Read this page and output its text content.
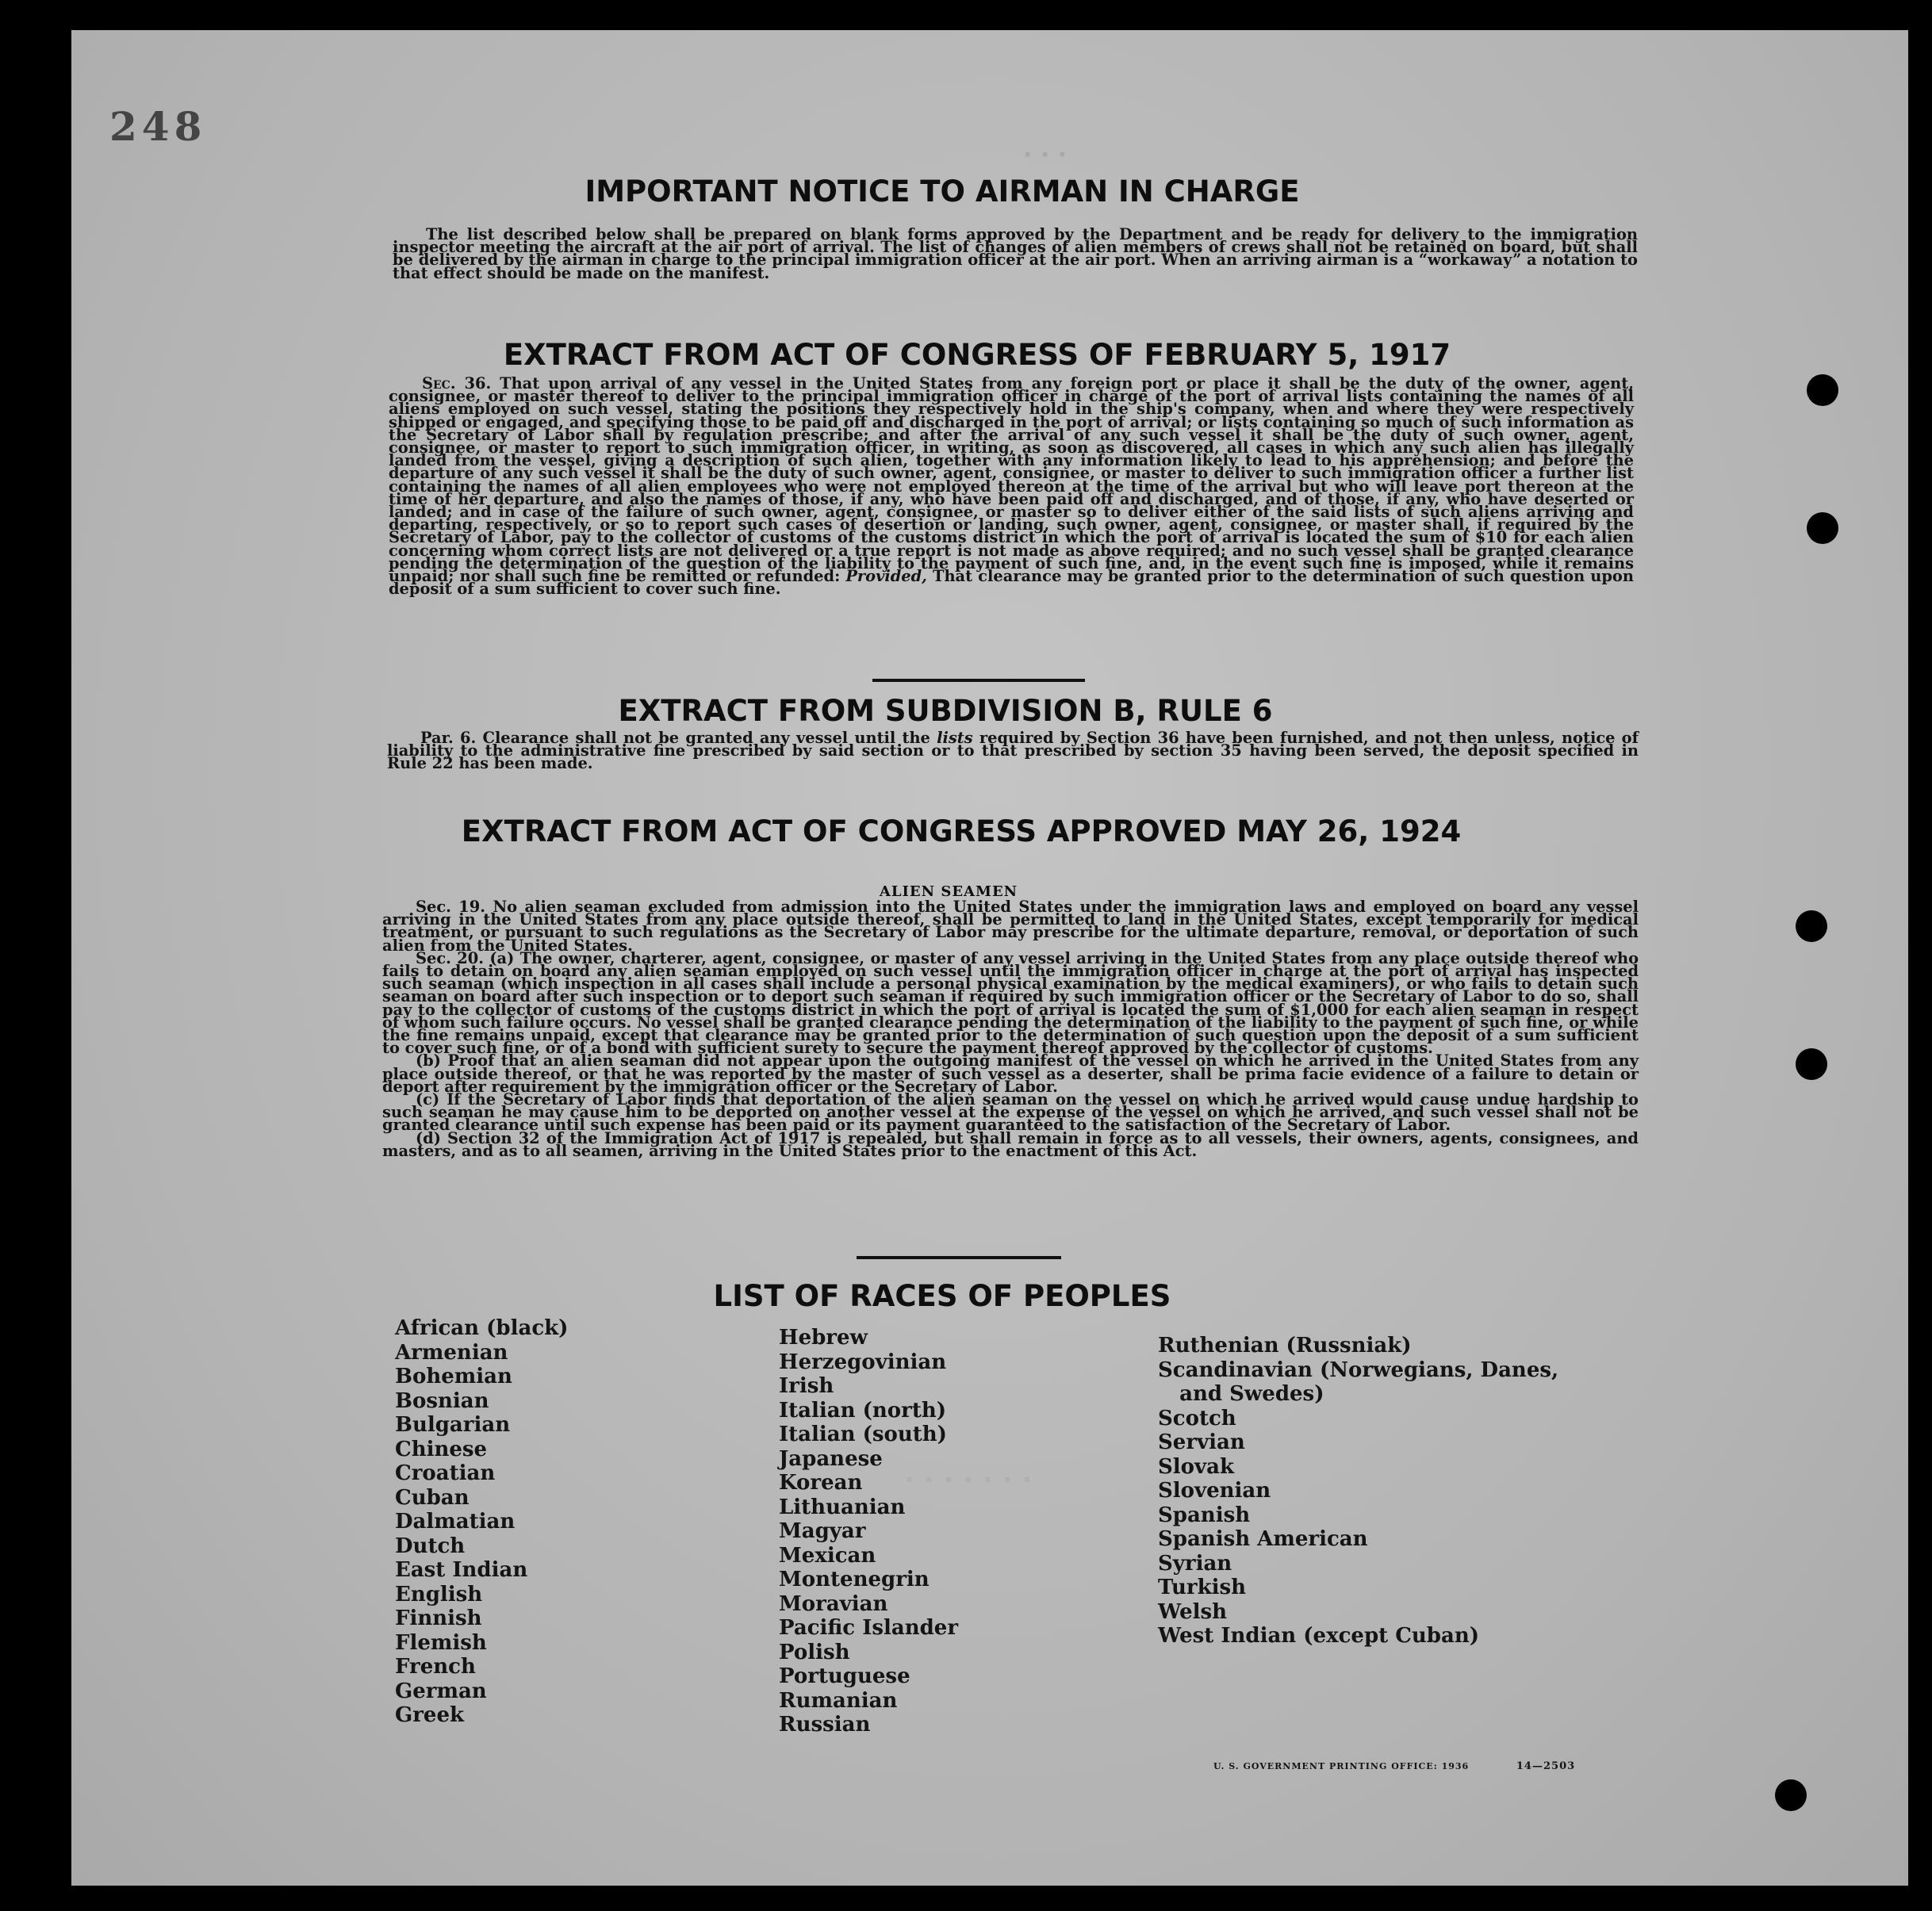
248
· · ·
. . . . . . .
IMPORTANT NOTICE TO AIRMAN IN CHARGE

The list described below shall be prepared on blank forms approved by the Department and be ready for delivery to the immigration inspector meeting the aircraft at the air port of arrival. The list of changes of alien members of crews shall not be retained on board, but shall be delivered by the airman in charge to the principal immigration officer at the air port. When an arriving airman is a “workaway” a notation to that effect should be made on the manifest.

EXTRACT FROM ACT OF CONGRESS OF FEBRUARY 5, 1917

Sec. 36. That upon arrival of any vessel in the United States from any foreign port or place it shall be the duty of the owner, agent, consignee, or master thereof to deliver to the principal immigration officer in charge of the port of arrival lists containing the names of all aliens employed on such vessel, stating the positions they respectively hold in the ship's company, when and where they were respectively shipped or engaged, and specifying those to be paid off and discharged in the port of arrival; or lists containing so much of such information as the Secretary of Labor shall by regulation prescribe; and after the arrival of any such vessel it shall be the duty of such owner, agent, consignee, or master to report to such immigration officer, in writing, as soon as discovered, all cases in which any such alien has illegally landed from the vessel, giving a description of such alien, together with any information likely to lead to his apprehension; and before the departure of any such vessel it shall be the duty of such owner, agent, consignee, or master to deliver to such immigration officer a further list containing the names of all alien employees who were not employed thereon at the time of the arrival but who will leave port thereon at the time of her departure, and also the names of those, if any, who have been paid off and discharged, and of those, if any, who have deserted or landed; and in case of the failure of such owner, agent, consignee, or master so to deliver either of the said lists of such aliens arriving and departing, respectively, or so to report such cases of desertion or landing, such owner, agent, consignee, or master shall, if required by the Secretary of Labor, pay to the collector of customs of the customs district in which the port of arrival is located the sum of $10 for each alien concerning whom correct lists are not delivered or a true report is not made as above required; and no such vessel shall be granted clearance pending the determination of the question of the liability to the payment of such fine, and, in the event such fine is imposed, while it remains unpaid; nor shall such fine be remitted or refunded: Provided, That clearance may be granted prior to the determination of such question upon deposit of a sum sufficient to cover such fine.

EXTRACT FROM SUBDIVISION B, RULE 6

Par. 6. Clearance shall not be granted any vessel until the lists required by Section 36 have been furnished, and not then unless, notice of liability to the administrative fine prescribed by said section or to that prescribed by section 35 having been served, the deposit specified in Rule 22 has been made.

EXTRACT FROM ACT OF CONGRESS APPROVED MAY 26, 1924
ALIEN SEAMEN

Sec. 19. No alien seaman excluded from admission into the United States under the immigration laws and employed on board any vessel arriving in the United States from any place outside thereof, shall be permitted to land in the United States, except temporarily for medical treatment, or pursuant to such regulations as the Secretary of Labor may prescribe for the ultimate departure, removal, or deportation of such alien from the United States.

Sec. 20. (a) The owner, charterer, agent, consignee, or master of any vessel arriving in the United States from any place outside thereof who fails to detain on board any alien seaman employed on such vessel until the immigration officer in charge at the port of arrival has inspected such seaman (which inspection in all cases shall include a personal physical examination by the medical examiners), or who fails to detain such seaman on board after such inspection or to deport such seaman if required by such immigration officer or the Secretary of Labor to do so, shall pay to the collector of customs of the customs district in which the port of arrival is located the sum of $1,000 for each alien seaman in respect of whom such failure occurs. No vessel shall be granted clearance pending the determination of the liability to the payment of such fine, or while the fine remains unpaid, except that clearance may be granted prior to the determination of such question upon the deposit of a sum sufficient to cover such fine, or of a bond with sufficient surety to secure the payment thereof approved by the collector of customs.

(b) Proof that an alien seaman did not appear upon the outgoing manifest of the vessel on which he arrived in the United States from any place outside thereof, or that he was reported by the master of such vessel as a deserter, shall be prima facie evidence of a failure to detain or deport after requirement by the immigration officer or the Secretary of Labor.

(c) If the Secretary of Labor finds that deportation of the alien seaman on the vessel on which he arrived would cause undue hardship to such seaman he may cause him to be deported on another vessel at the expense of the vessel on which he arrived, and such vessel shall not be granted clearance until such expense has been paid or its payment guaranteed to the satisfaction of the Secretary of Labor.

(d) Section 32 of the Immigration Act of 1917 is repealed, but shall remain in force as to all vessels, their owners, agents, consignees, and masters, and as to all seamen, arriving in the United States prior to the enactment of this Act.

LIST OF RACES OF PEOPLES
African (black)
Armenian
Bohemian
Bosnian
Bulgarian
Chinese
Croatian
Cuban
Dalmatian
Dutch
East Indian
English
Finnish
Flemish
French
German
Greek
Hebrew
Herzegovinian
Irish
Italian (north)
Italian (south)
Japanese
Korean
Lithuanian
Magyar
Mexican
Montenegrin
Moravian
Pacific Islander
Polish
Portuguese
Rumanian
Russian
Ruthenian (Russniak)
Scandinavian (Norwegians, Danes,
and Swedes)
Scotch
Servian
Slovak
Slovenian
Spanish
Spanish American
Syrian
Turkish
Welsh
West Indian (except Cuban)
U. S. GOVERNMENT PRINTING OFFICE: 1936	14—2503
